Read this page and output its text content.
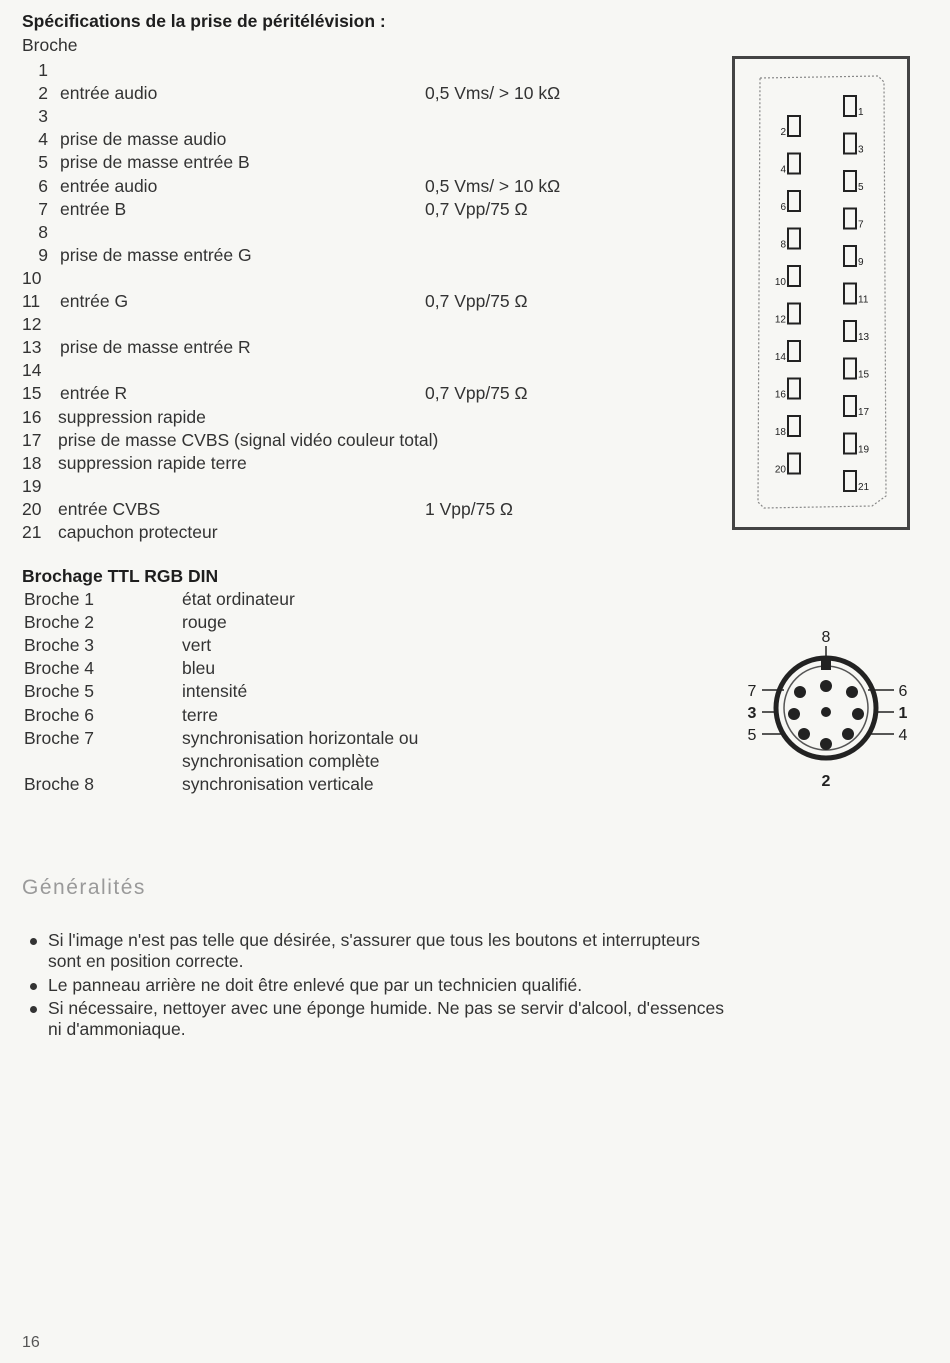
Spécifications de la prise de péritélévision :
Broche
1
2 entrée audio	0,5 Vms/ > 10 kΩ
3
4 prise de masse audio
5 prise de masse entrée B
6 entrée audio	0,5 Vms/ > 10 kΩ
7 entrée B	0,7 Vpp/75 Ω
8
9 prise de masse entrée G
10
11	entrée G	0,7 Vpp/75 Ω
12
13	prise de masse entrée R
14
15	entrée R	0,7 Vpp/75 Ω
16 suppression rapide
17 prise de masse CVBS (signal vidéo couleur total)
18 suppression rapide terre
19
20 entrée CVBS	1 Vpp/75 Ω
21 capuchon protecteur
2
4
6
8
10
12
14
16
18
20
1
3
5
7
9
11
13
15
17
19
21
Brochage TTL RGB DIN
Broche 1	état ordinateur
Broche 2	rouge
Broche 3	vert
Broche 4	bleu
Broche 5	intensité
Broche 6	terre
Broche 7	synchronisation horizontale ou
synchronisation complète
Broche 8	synchronisation verticale
8
7
3
5
6
1
4
2
Généralités
Si l'image n'est pas telle que désirée, s'assurer que tous les boutons et interrupteurs
sont en position correcte.
Le panneau arrière ne doit être enlevé que par un technicien qualifié.
Si nécessaire, nettoyer avec une éponge humide. Ne pas se servir d'alcool, d'essences
ni d'ammoniaque.
16
